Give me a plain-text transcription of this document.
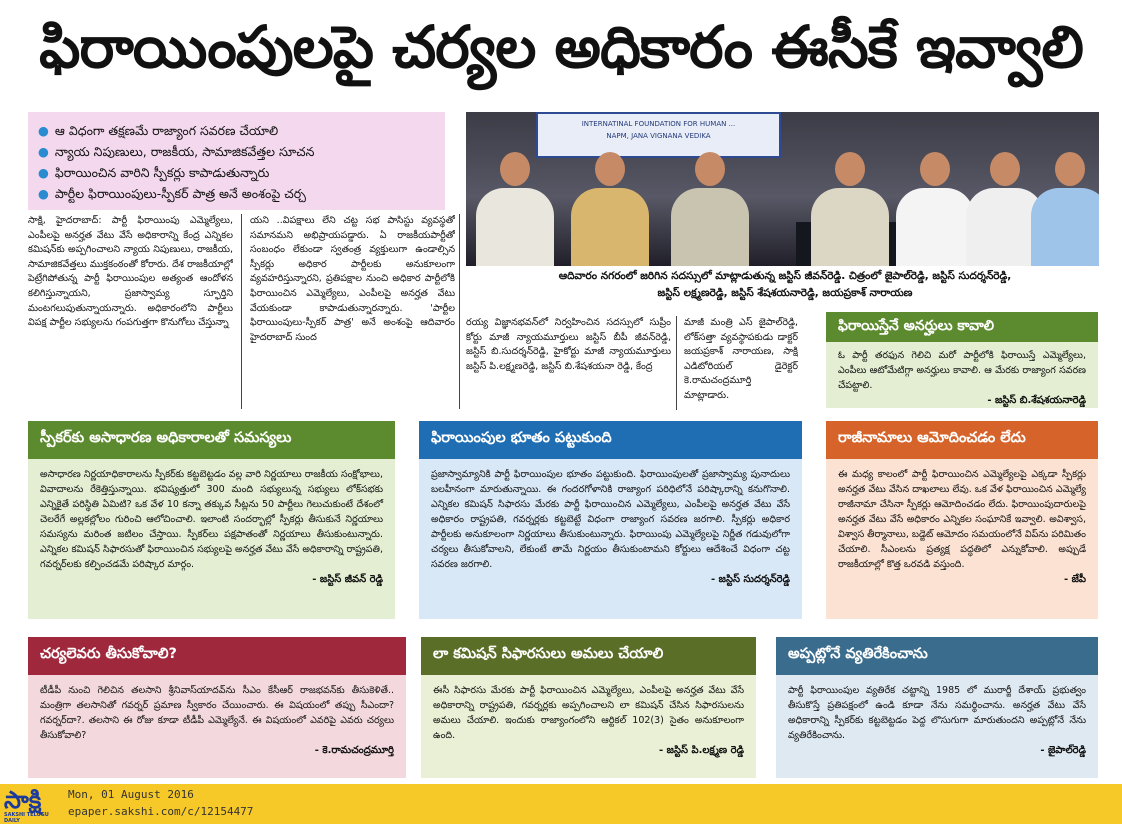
ఫిరాయింపులపై చర్యల అధికారం ఈసీకే ఇవ్వాలి
● ఆ విధంగా తక్షణమే రాజ్యాంగ సవరణ చేయాలి
● న్యాయ నిపుణులు, రాజకీయ, సామాజికవేత్తల సూచన
● ఫిరాయించిన వారిని స్పీకర్లు కాపాడుతున్నారు
● పార్టీల ఫిరాయింపులు-స్పీకర్ పాత్ర అనే అంశంపై చర్చ
INTERNATINAL FOUNDATION FOR HUMAN ...
NAPM, JANA VIGNANA VEDIKA
ఆదివారం నగరంలో జరిగిన సదస్సులో మాట్లాడుతున్న జస్టిస్ జీవన్‌రెడ్డి. చిత్రంలో జైపాల్‌రెడ్డి, జస్టిస్ సుదర్శన్‌రెడ్డి,
జస్టిస్ లక్ష్మణరెడ్డి, జస్టిస్ శేషశయనారెడ్డి, జయప్రకాశ్ నారాయణ

సాక్షి, హైదరాబాద్: పార్టీ ఫిరాయింపు ఎమ్మెల్యేలు, ఎంపీలపై అనర్హత వేటు వేసే అధికారాన్ని కేంద్ర ఎన్నికల కమిషన్‌కు అప్పగించాలని న్యాయ నిపుణులు, రాజకీయ, సామాజికవేత్తలు ముక్తకంఠంతో కోరారు. దేశ రాజకీయాల్లో పెట్రేగిపోతున్న పార్టీ ఫిరాయింపుల అత్యంత ఆందోళన కలిగిస్తున్నాయని, ప్రజాస్వామ్య స్ఫూర్తిని మంటగలుపుతున్నాయన్నారు. అధికారంలోని పార్టీలు విపక్ష పార్టీల సభ్యులను గంపగుత్తగా కొనుగోలు చేస్తున్నా

యని ..విపక్షాలు లేని చట్ట సభ పాసిస్టు వ్యవస్థతో సమానమని అభిప్రాయపడ్డారు. ఏ రాజకీయపార్టీతో సంబంధం లేకుండా స్వతంత్ర వ్యక్తులుగా ఉండాల్సిన స్పీకర్లు అధికార పార్టీలకు అనుకూలంగా వ్యవహరిస్తున్నారని, ప్రతిపక్షాల నుంచి అధికార పార్టీలోకి ఫిరాయించిన ఎమ్మెల్యేలు, ఎంపీలపై అనర్హత వేటు వేయకుండా కాపాడుతున్నారన్నారు. 'పార్టీల ఫిరాయింపులు-స్పీకర్ పాత్ర' అనే అంశంపై ఆదివారం హైదరాబాద్ సుంద

రయ్య విజ్ఞానభవన్‌లో నిర్వహించిన సదస్సులో సుప్రీం కోర్టు మాజీ న్యాయమూర్తులు జస్టిస్ బీపీ జీవన్‌రెడ్డి, జస్టిస్ బి.సుదర్శన్‌రెడ్డి, హైకోర్టు మాజీ న్యాయమూర్తులు జస్టిస్ పి.లక్ష్మణరెడ్డి, జస్టిస్ బి.శేషశయనా రెడ్డి, కేంద్ర

మాజీ మంత్రి ఎస్ జైపాల్‌రెడ్డి, లోక్‌సత్తా వ్యవస్థాపకుడు డాక్టర్ జయప్రకాశ్ నారాయణ, సాక్షి ఎడిటోరియల్ డైరెక్టర్ కె.రామచంద్రమూర్తి మాట్లాడారు.

ఫిరాయిస్తేనే అనర్హులు కావాలి
ఓ పార్టీ తరఫున గెలిచి మరో పార్టీలోకి ఫిరాయిస్తే ఎమ్మెల్యేలు, ఎంపీలు ఆటోమేటిగ్గా అనర్హులు కావాలి. ఆ మేరకు రాజ్యాంగ సవరణ చేపట్టాలి.
- జస్టిస్ బి.శేషశయనారెడ్డి
స్పీకర్‌కు అసాధారణ అధికారాలతో సమస్యలు
అసాధారణ నిర్ణయాధికారాలను స్పీకర్‌కు కట్టబెట్టడం వల్ల వారి నిర్ణయాలు రాజకీయ సంక్షోభాలు, వివాదాలను రేకెత్తిస్తున్నాయి. భవిష్యత్తులో 300 మంది సభ్యులున్న సభ్యులు లోక్‌సభకు ఎన్నికైతే పరిస్థితి ఏమిటి? ఒక వేళ 10 కన్నా తక్కువ సీట్లను 50 పార్టీలు గెలుచుకుంటే దేశంలో చెలరేగే అల్లకల్లోలం గురించి ఆలోచించాలి. ఇలాంటి సందర్భాల్లో స్పీకర్లు తీసుకునే నిర్ణయాలు సమస్యను మరింత జటిలం చేస్తాయి. స్పీకర్‌లు పక్షపాతంతో నిర్ణయాలు తీసుకుంటున్నారు. ఎన్నికల కమిషన్ సిఫారసుతో ఫిరాయించిన సభ్యులపై అనర్హత వేటు వేసే అధికారాన్ని రాష్ట్రపతి, గవర్నర్‌లకు కల్పించడమే పరిష్కార మార్గం.
- జస్టిస్ జీవన్ రెడ్డి
ఫిరాయింపుల భూతం పట్టుకుంది
ప్రజాస్వామ్యానికి పార్టీ ఫిరాయింపుల భూతం పట్టుకుంది. ఫిరాయింపులతో ప్రజాస్వామ్య పునాదులు బలహీనంగా మారుతున్నాయి. ఈ గందరగోళానికి రాజ్యాంగ పరిధిలోనే పరిష్కారాన్ని కనుగొనాలి. ఎన్నికల కమిషన్ సిఫారసు మేరకు పార్టీ ఫిరాయించిన ఎమ్మెల్యేలు, ఎంపీలపై అనర్హత వేటు వేసే అధికారం రాష్ట్రపతి, గవర్నర్లకు కట్టబెట్టే విధంగా రాజ్యాంగ సవరణ జరగాలి. స్పీకర్లు అధికార పార్టీలకు అనుకూలంగా నిర్ణయాలు తీసుకుంటున్నారు. ఫిరాయింపు ఎమ్మెల్యేలపై నిర్ణీత గడువులోగా చర్యలు తీసుకోవాలని, లేకుంటే తామే నిర్ణయం తీసుకుంటామని కోర్టులు ఆదేశించే విధంగా చట్ట సవరణ జరగాలి.
- జస్టిస్ సుదర్శన్‌రెడ్డి
రాజీనామాలు ఆమోదించడం లేదు
ఈ మధ్య కాలంలో పార్టీ ఫిరాయించిన ఎమ్మెల్యేలపై ఎక్కడా స్పీకర్లు అనర్హత వేటు వేసిన దాఖలాలు లేవు. ఒక వేళ ఫిరాయించిన ఎమ్మెల్యే రాజీనామా చేసినా స్పీకర్లు ఆమోదించడం లేదు. ఫిరాయింపుదారులపై అనర్హత వేటు వేసే అధికారం ఎన్నికల సంఘానికే ఇవ్వాలి. అవిశ్వాస, విశ్వాస తీర్మానాలు, బడ్జెట్ ఆమోదం సమయంలోనే విప్‌ను పరిమితం చేయాలి. సీఎంలను ప్రత్యక్ష పద్ధతిలో ఎన్నుకోవాలి. అప్పుడే రాజకీయాల్లో కొత్త ఒరవడి వస్తుంది.
- జేపీ
చర్యలెవరు తీసుకోవాలి?
టీడీపీ నుంచి గెలిచిన తలసాని శ్రీనివాస్‌యాదవ్‌ను సీఎం కేసీఆర్ రాజభవన్‌కు తీసుకెళితే.. మంత్రిగా తలసానితో గవర్నర్ ప్రమాణ స్వీకారం చేయించారు. ఈ విషయంలో తప్పు సీఎందా? గవర్నర్‌దా?. తలసాని ఈ రోజు కూడా టీడీపీ ఎమ్మెల్యేనే. ఈ విషయంలో ఎవరిపై ఎవరు చర్యలు తీసుకోవాలి?
- కె.రామచంద్రమూర్తి
లా కమిషన్ సిఫారసులు అమలు చేయాలి
ఈసీ సిఫారసు మేరకు పార్టీ ఫిరాయించిన ఎమ్మెల్యేలు, ఎంపీలపై అనర్హత వేటు వేసే అధికారాన్ని రాష్ట్రపతి, గవర్నర్లకు అప్పగించాలని లా కమిషన్ చేసిన సిఫారసులను అమలు చేయాలి. ఇందుకు రాజ్యాంగంలోని ఆర్టికల్ 102(3) సైతం అనుకూలంగా ఉంది.
- జస్టిస్ పి.లక్ష్మణ రెడ్డి
అప్పట్లోనే వ్యతిరేకించాను
పార్టీ ఫిరాయింపుల వ్యతిరేక చట్టాన్ని 1985 లో మురార్జీ దేశాయ్ ప్రభుత్వం తీసుకొస్తే ప్రతిపక్షంలో ఉండి కూడా నేను సమర్థించాను. అనర్హత వేటు వేసే అధికారాన్ని స్పీకర్‌కు కట్టబెట్టడం పెద్ద లొసుగుగా మారుతుందని అప్పట్లోనే నేను వ్యతిరేకించాను.
- జైపాల్‌రెడ్డి
సాక్షి
SAKSHI TELUGU DAILY
Mon, 01 August 2016
epaper.sakshi.com/c/12154477
